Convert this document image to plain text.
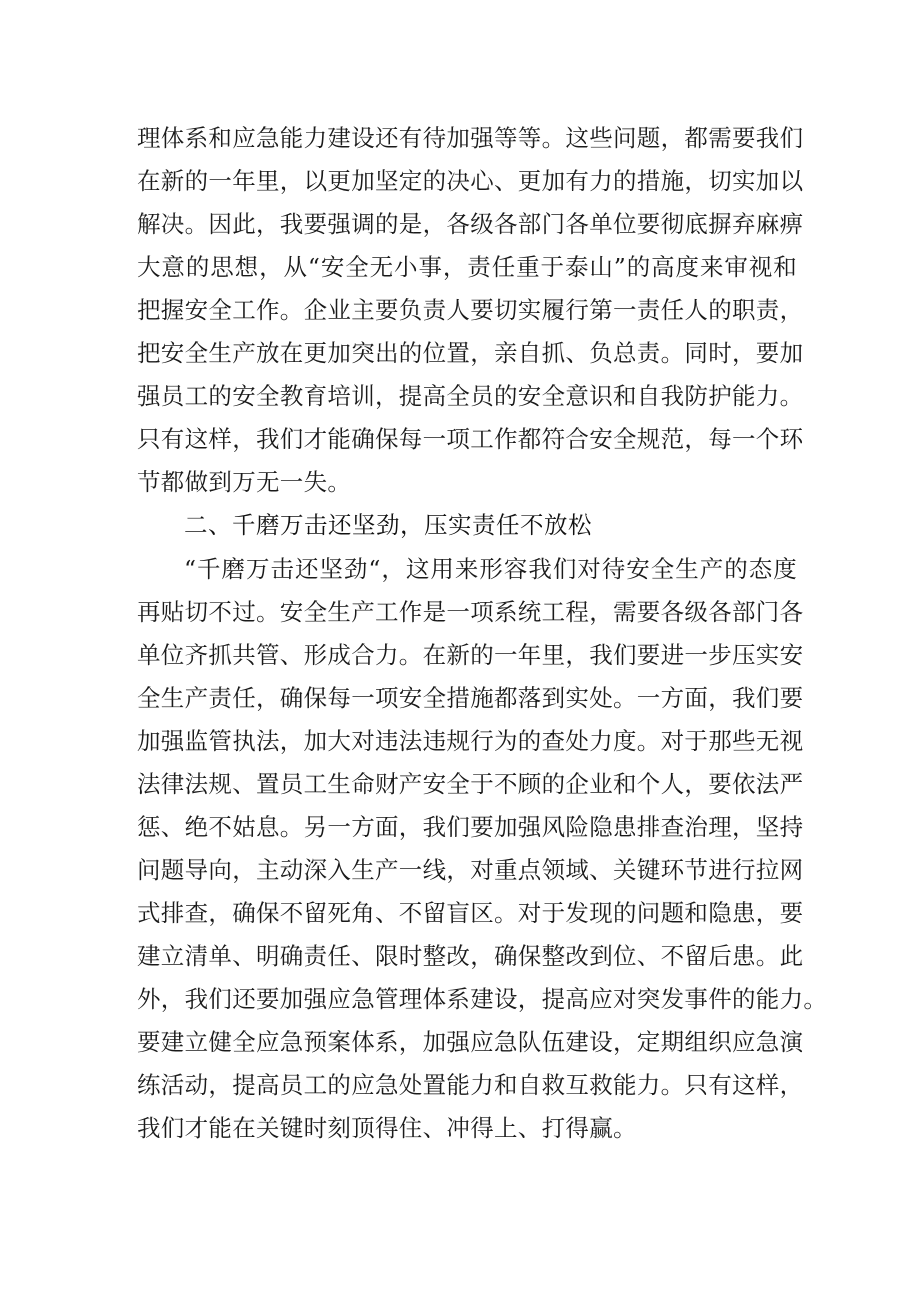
理体系和应急能力建设还有待加强等等。这些问题，都需要我们
在新的一年里，以更加坚定的决心、更加有力的措施，切实加以
解决。因此，我要强调的是，各级各部门各单位要彻底摒弃麻痹
大意的思想，从“安全无小事，责任重于泰山”的高度来审视和
把握安全工作。企业主要负责人要切实履行第一责任人的职责，
把安全生产放在更加突出的位置，亲自抓、负总责。同时，要加
强员工的安全教育培训，提高全员的安全意识和自我防护能力。
只有这样，我们才能确保每一项工作都符合安全规范，每一个环
节都做到万无一失。
二、千磨万击还坚劲，压实责任不放松
“千磨万击还坚劲“，这用来形容我们对待安全生产的态度
再贴切不过。安全生产工作是一项系统工程，需要各级各部门各
单位齐抓共管、形成合力。在新的一年里，我们要进一步压实安
全生产责任，确保每一项安全措施都落到实处。一方面，我们要
加强监管执法，加大对违法违规行为的查处力度。对于那些无视
法律法规、置员工生命财产安全于不顾的企业和个人，要依法严
惩、绝不姑息。另一方面，我们要加强风险隐患排查治理，坚持
问题导向，主动深入生产一线，对重点领域、关键环节进行拉网
式排查，确保不留死角、不留盲区。对于发现的问题和隐患，要
建立清单、明确责任、限时整改，确保整改到位、不留后患。此
外，我们还要加强应急管理体系建设，提高应对突发事件的能力。
要建立健全应急预案体系，加强应急队伍建设，定期组织应急演
练活动，提高员工的应急处置能力和自救互救能力。只有这样，
我们才能在关键时刻顶得住、冲得上、打得赢。
